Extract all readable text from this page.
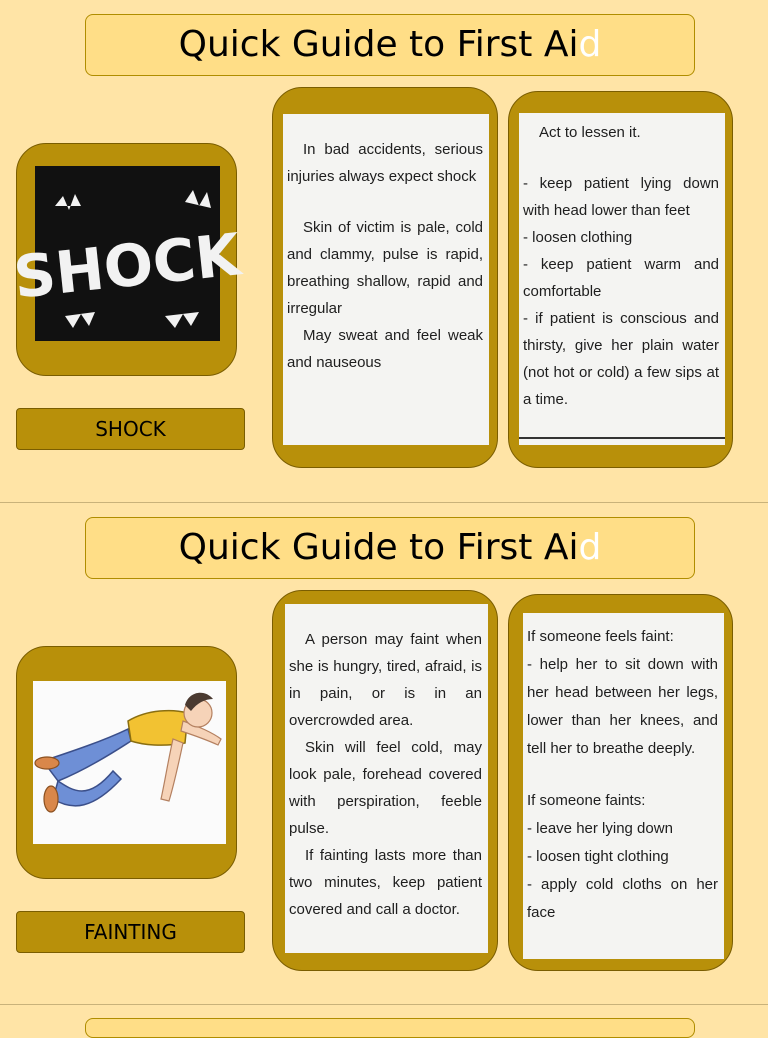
Quick Guide to First Aid
SHOCK
SHOCK

In bad accidents, serious injuries always expect shock

Skin of victim is pale, cold and clammy, pulse is rapid, breathing shallow, rapid and irregular

May sweat and feel weak and nauseous

Act to lessen it.

- keep patient lying down with head lower than feet

- loosen clothing

- keep patient warm and comfortable

- if patient is conscious and thirsty, give her plain water (not hot or cold) a few sips at a time.

Quick Guide to First Aid
FAINTING

A person may faint when she is hungry, tired, afraid, is in pain, or is in an overcrowded area.

Skin will feel cold, may look pale, forehead covered with perspiration, feeble pulse.

If fainting lasts more than two minutes, keep patient covered and call a doctor.

If someone feels faint:

- help her to sit down with her head between her legs, lower than her knees, and tell her to breathe deeply.

If someone faints:

- leave her lying down

- loosen tight clothing

- apply cold cloths on her face
